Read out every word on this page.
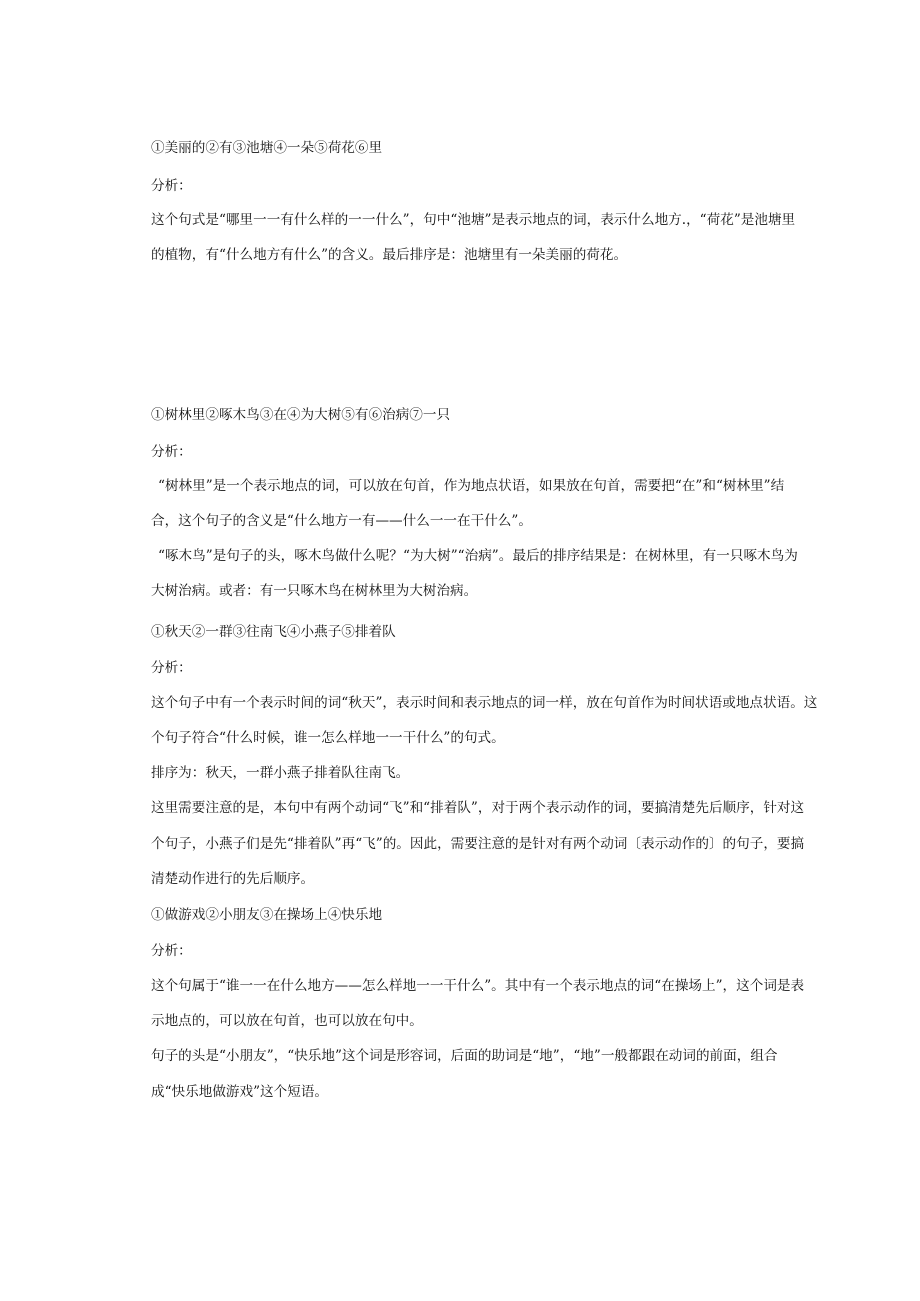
①美丽的②有③池塘④一朵⑤荷花⑥里
分析：
这个句式是“哪里一一有什么样的一一什么”，句中“池塘”是表示地点的词，表示什么地方.，“荷花”是池塘里
的植物，有“什么地方有什么”的含义。最后排序是：池塘里有一朵美丽的荷花。
①树林里②啄木鸟③在④为大树⑤有⑥治病⑦一只
分析：
“树林里”是一个表示地点的词，可以放在句首，作为地点状语，如果放在句首，需要把“在”和“树林里”结
合，这个句子的含义是“什么地方一有——什么一一在干什么”。
“啄木鸟”是句子的头，啄木鸟做什么呢？“为大树”“治病”。最后的排序结果是：在树林里，有一只啄木鸟为
大树治病。或者：有一只啄木鸟在树林里为大树治病。
①秋天②一群③往南飞④小燕子⑤排着队
分析：
这个句子中有一个表示时间的词“秋天”，表示时间和表示地点的词一样，放在句首作为时间状语或地点状语。这
个句子符合“什么时候，谁一怎么样地一一干什么”的句式。
排序为：秋天，一群小燕子排着队往南飞。
这里需要注意的是，本句中有两个动词“飞”和“排着队”，对于两个表示动作的词，要搞清楚先后顺序，针对这
个句子，小燕子们是先“排着队”再“飞”的。因此，需要注意的是针对有两个动词〔表示动作的〕的句子，要搞
清楚动作进行的先后顺序。
①做游戏②小朋友③在操场上④快乐地
分析：
这个句属于“谁一一在什么地方——怎么样地一一干什么”。其中有一个表示地点的词“在操场上”，这个词是表
示地点的，可以放在句首，也可以放在句中。
句子的头是“小朋友”，“快乐地”这个词是形容词，后面的助词是“地”，“地”一般都跟在动词的前面，组合
成“快乐地做游戏”这个短语。
